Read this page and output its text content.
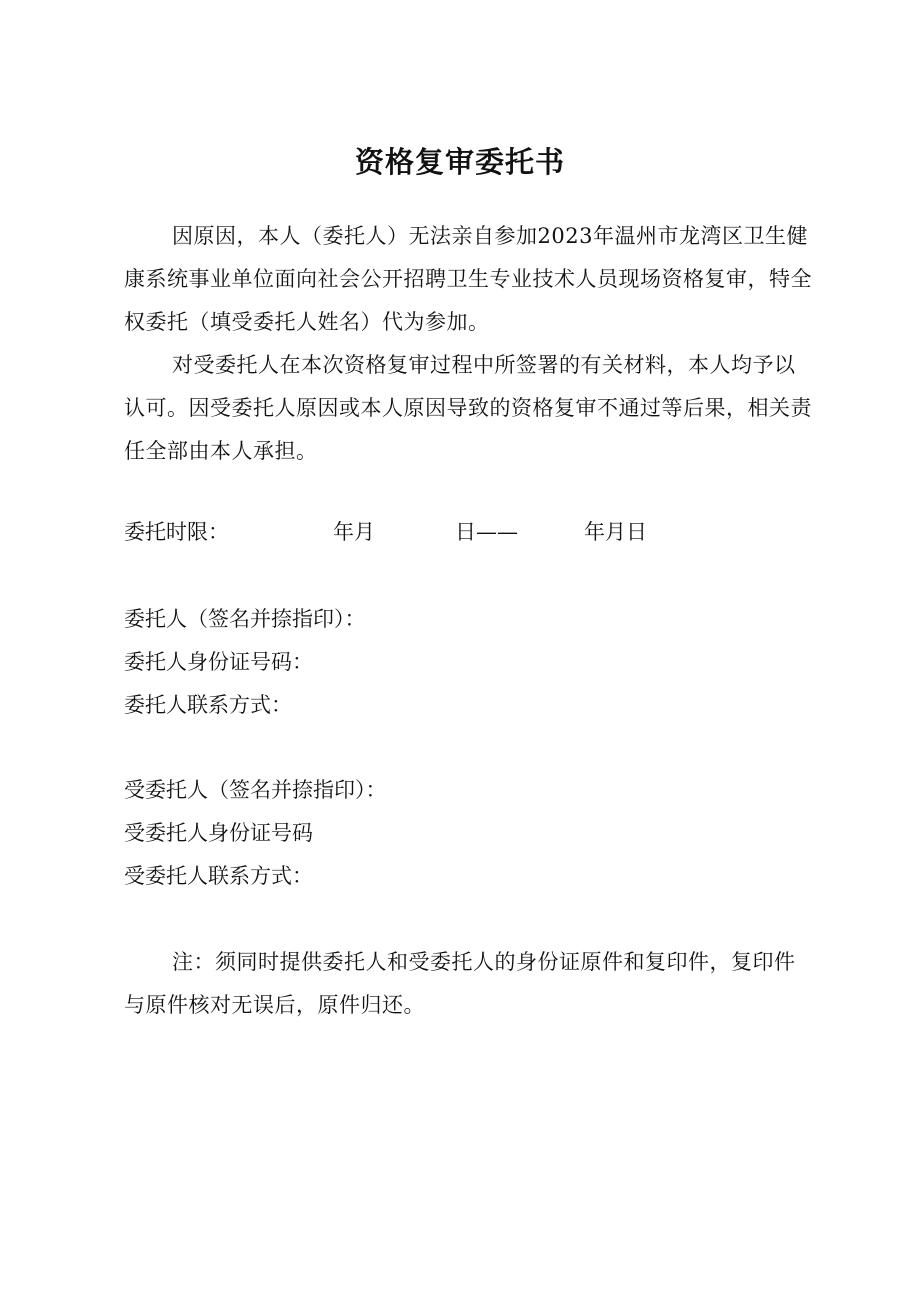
资格复审委托书
因原因，本人（委托人）无法亲自参加2023年温州市龙湾区卫生健康系统事业单位面向社会公开招聘卫生专业技术人员现场资格复审，特全权委托（填受委托人姓名）代为参加。
对受委托人在本次资格复审过程中所签署的有关材料，本人均予以认可。因受委托人原因或本人原因导致的资格复审不通过等后果，相关责任全部由本人承担。
委托时限：	年月	日——	年月日
委托人（签名并捺指印）：
委托人身份证号码：
委托人联系方式：
受委托人（签名并捺指印）：
受委托人身份证号码
受委托人联系方式：
注：须同时提供委托人和受委托人的身份证原件和复印件，复印件与原件核对无误后，原件归还。
